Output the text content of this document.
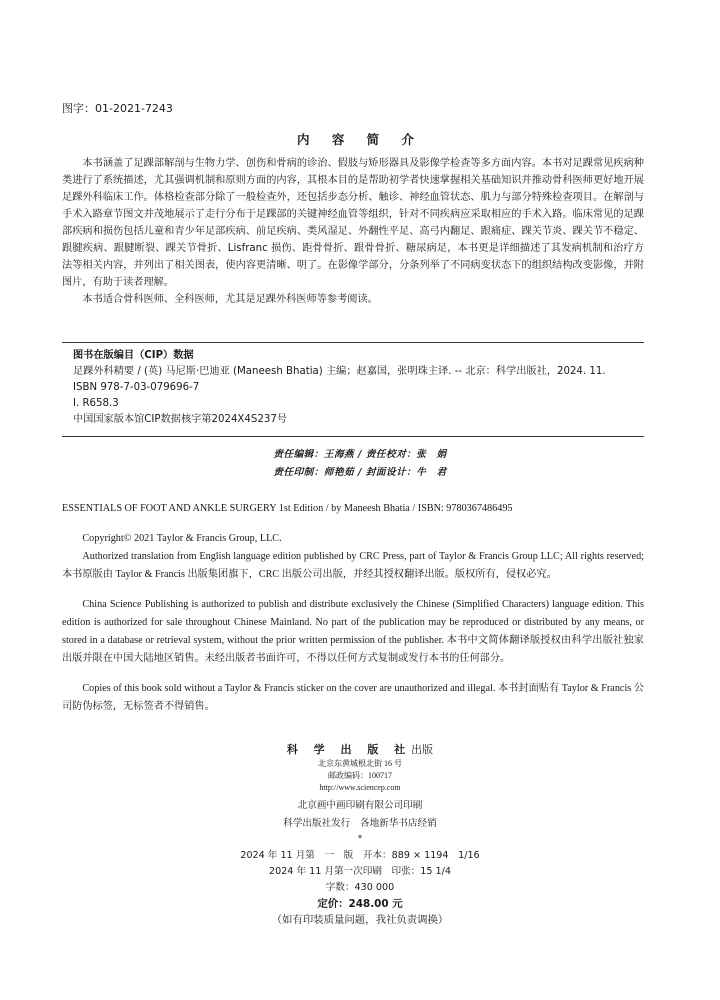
图字：01-2021-7243
内 容 简 介

本书涵盖了足踝部解剖与生物力学、创伤和骨病的诊治、假肢与矫形器具及影像学检查等多方面内容。本书对足踝常见疾病种类进行了系统描述，尤其强调机制和原则方面的内容，其根本目的是帮助初学者快速掌握相关基础知识并推动骨科医师更好地开展足踝外科临床工作。体格检查部分除了一般检查外，还包括步态分析、触诊、神经血管状态、肌力与部分特殊检查项目。在解剖与手术入路章节图文并茂地展示了走行分布于足踝部的关键神经血管等组织，针对不同疾病应采取相应的手术入路。临床常见的足踝部疾病和损伤包括儿童和青少年足部疾病、前足疾病、类风湿足、外翻性平足、高弓内翻足、跟痛症、踝关节炎、踝关节不稳定、跟腱疾病、跟腱断裂、踝关节骨折、Lisfranc 损伤、距骨骨折、跟骨骨折、糖尿病足，本书更是详细描述了其发病机制和治疗方法等相关内容，并列出了相关图表，使内容更清晰、明了。在影像学部分，分条列举了不同病变状态下的组织结构改变影像，并附图片，有助于读者理解。

本书适合骨科医师、全科医师，尤其是足踝外科医师等参考阅读。

图书在版编目（CIP）数据
足踝外科精要 / (英) 马尼斯·巴迪亚 (Maneesh Bhatia) 主编；赵嘉国，张明珠主译. -- 北京：科学出版社，2024. 11.
ISBN 978-7-03-079696-7
Ⅰ. R658.3
中国国家版本馆CIP数据核字第2024X4S237号
责任编辑：王海燕 / 责任校对：张　娟
责任印制：师艳茹 / 封面设计：牛　君

ESSENTIALS OF FOOT AND ANKLE SURGERY 1st Edition / by Maneesh Bhatia / ISBN: 9780367486495

Copyright© 2021 Taylor & Francis Group, LLC.

Authorized translation from English language edition published by CRC Press, part of Taylor & Francis Group LLC; All rights reserved; 本书原版由 Taylor & Francis 出版集团旗下，CRC 出版公司出版，并经其授权翻译出版。版权所有，侵权必究。

China Science Publishing is authorized to publish and distribute exclusively the Chinese (Simplified Characters) language edition. This edition is authorized for sale throughout Chinese Mainland. No part of the publication may be reproduced or distributed by any means, or stored in a database or retrieval system, without the prior written permission of the publisher. 本书中文简体翻译版授权由科学出版社独家出版并限在中国大陆地区销售。未经出版者书面许可，不得以任何方式复制或发行本书的任何部分。

Copies of this book sold without a Taylor & Francis sticker on the cover are unauthorized and illegal. 本书封面贴有 Taylor & Francis 公司防伪标签，无标签者不得销售。

科 学 出 版 社出版
北京东黄城根北街 16 号
邮政编码：100717
http://www.sciencep.com
北京画中画印刷有限公司印刷
科学出版社发行　各地新华书店经销
*
2024 年 11 月第　一　版　开本：889 × 1194　1/16
2024 年 11 月第一次印刷　印张：15 1/4
字数：430 000
定价：248.00 元
（如有印装质量问题，我社负责调换）
